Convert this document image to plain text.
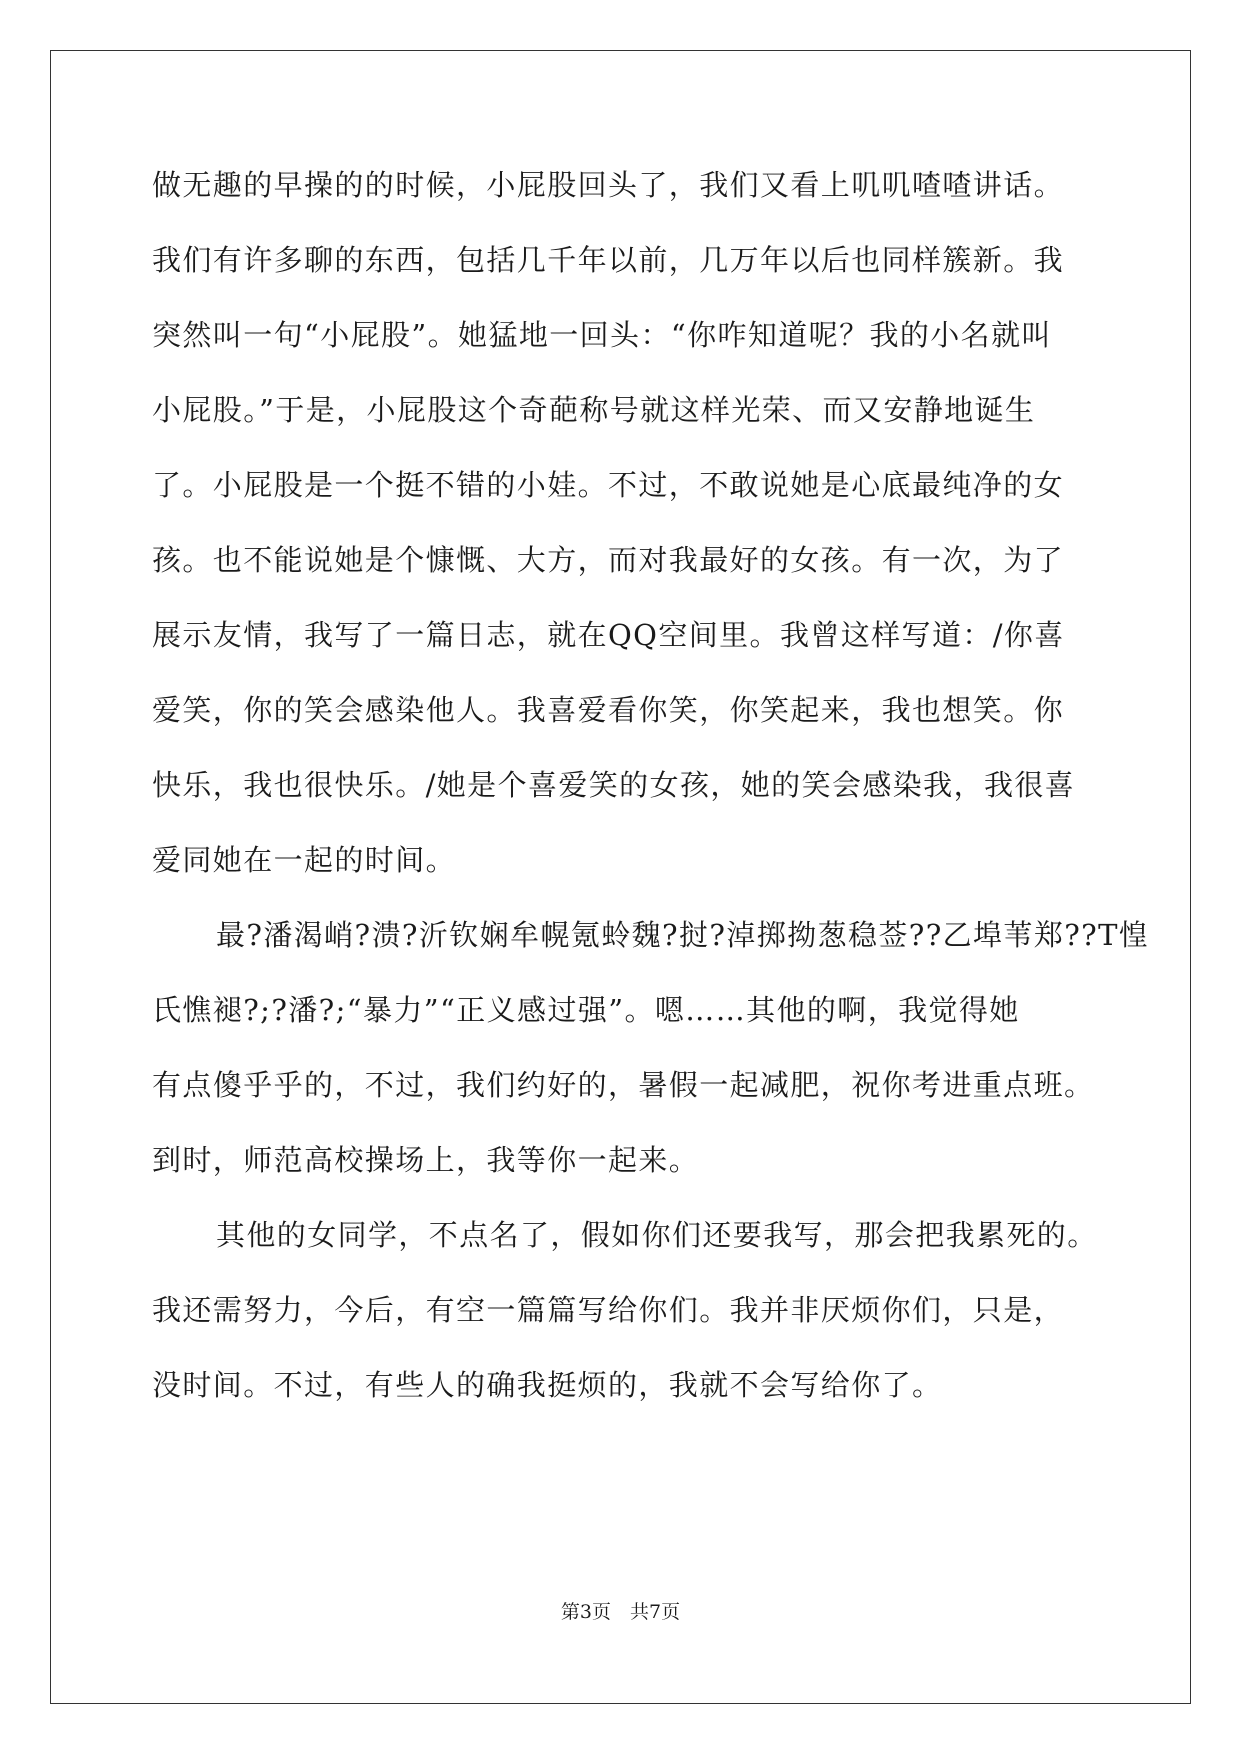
做无趣的早操的的时候，小屁股回头了，我们又看上叽叽喳喳讲话。
我们有许多聊的东西，包括几千年以前，几万年以后也同样簇新。我
突然叫一句“小屁股”。她猛地一回头：“你咋知道呢？我的小名就叫
小屁股。”于是，小屁股这个奇葩称号就这样光荣、而又安静地诞生
了。小屁股是一个挺不错的小娃。不过，不敢说她是心底最纯净的女
孩。也不能说她是个慷慨、大方，而对我最好的女孩。有一次，为了
展示友情，我写了一篇日志，就在QQ空间里。我曾这样写道：/你喜
爱笑，你的笑会感染他人。我喜爱看你笑，你笑起来，我也想笑。你
快乐，我也很快乐。/她是个喜爱笑的女孩，她的笑会感染我，我很喜
爱同她在一起的时间。
最?潘渴峭?溃?沂钦娴牟幌氪蛉魏?挝?淖掷拗葱稳莶??乙埠苇郑??T惶
氏憔褪?;?潘?;“暴力”“正义感过强”。嗯……其他的啊，我觉得她
有点傻乎乎的，不过，我们约好的，暑假一起减肥，祝你考进重点班。
到时，师范高校操场上，我等你一起来。
其他的女同学，不点名了，假如你们还要我写，那会把我累死的。
我还需努力，今后，有空一篇篇写给你们。我并非厌烦你们，只是，
没时间。不过，有些人的确我挺烦的，我就不会写给你了。
第3页　共7页
